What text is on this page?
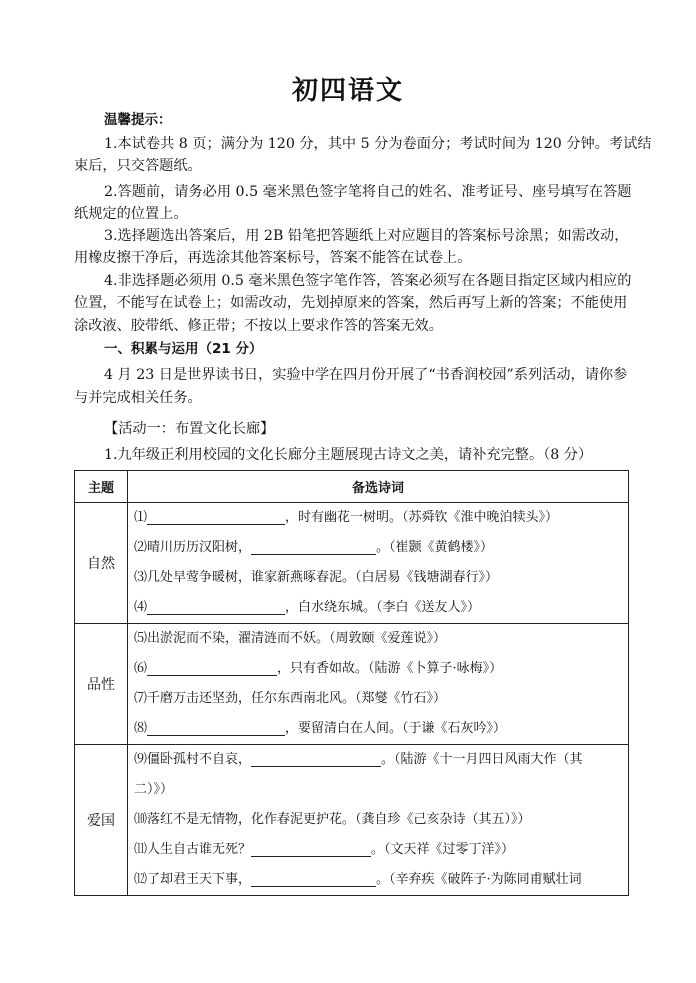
初四语文
温馨提示：
1.本试卷共 8 页；满分为 120 分，其中 5 分为卷面分；考试时间为 120 分钟。考试结
束后，只交答题纸。
2.答题前，请务必用 0.5 毫米黑色签字笔将自己的姓名、准考证号、座号填写在答题
纸规定的位置上。
3.选择题选出答案后，用 2B 铅笔把答题纸上对应题目的答案标号涂黑；如需改动，
用橡皮擦干净后，再选涂其他答案标号，答案不能答在试卷上。
4.非选择题必须用 0.5 毫米黑色签字笔作答，答案必须写在各题目指定区域内相应的
位置，不能写在试卷上；如需改动，先划掉原来的答案，然后再写上新的答案；不能使用
涂改液、胶带纸、修正带；不按以上要求作答的答案无效。
一、积累与运用（21 分）
4 月 23 日是世界读书日，实验中学在四月份开展了“书香润校园”系列活动，请你参
与并完成相关任务。
【活动一：布置文化长廊】
1.九年级正利用校园的文化长廊分主题展现古诗文之美，请补充完整。（8 分）
主题	备选诗词
自然	⑴ ，时有幽花一树明。（苏舜钦《淮中晚泊犊头》）
⑵晴川历历汉阳树， 。（崔颢《黄鹤楼》）
⑶几处早莺争暖树，谁家新燕啄春泥。（白居易《钱塘湖春行》）
⑷ ，白水绕东城。（李白《送友人》）

品性	⑸出淤泥而不染，濯清涟而不妖。（周敦颐《爱莲说》）
⑹ ，只有香如故。（陆游《卜算子·咏梅》）
⑺千磨万击还坚劲，任尔东西南北风。（郑燮《竹石》）
⑻ ，要留清白在人间。（于谦《石灰吟》）

爱国	⑼僵卧孤村不自哀， 。（陆游《十一月四日风雨大作（其
二）》）
⑽落红不是无情物，化作春泥更护花。（龚自珍《己亥杂诗（其五）》）
⑾人生自古谁无死？ 。（文天祥《过零丁洋》）
⑿了却君王天下事， 。（辛弃疾《破阵子·为陈同甫赋壮词
